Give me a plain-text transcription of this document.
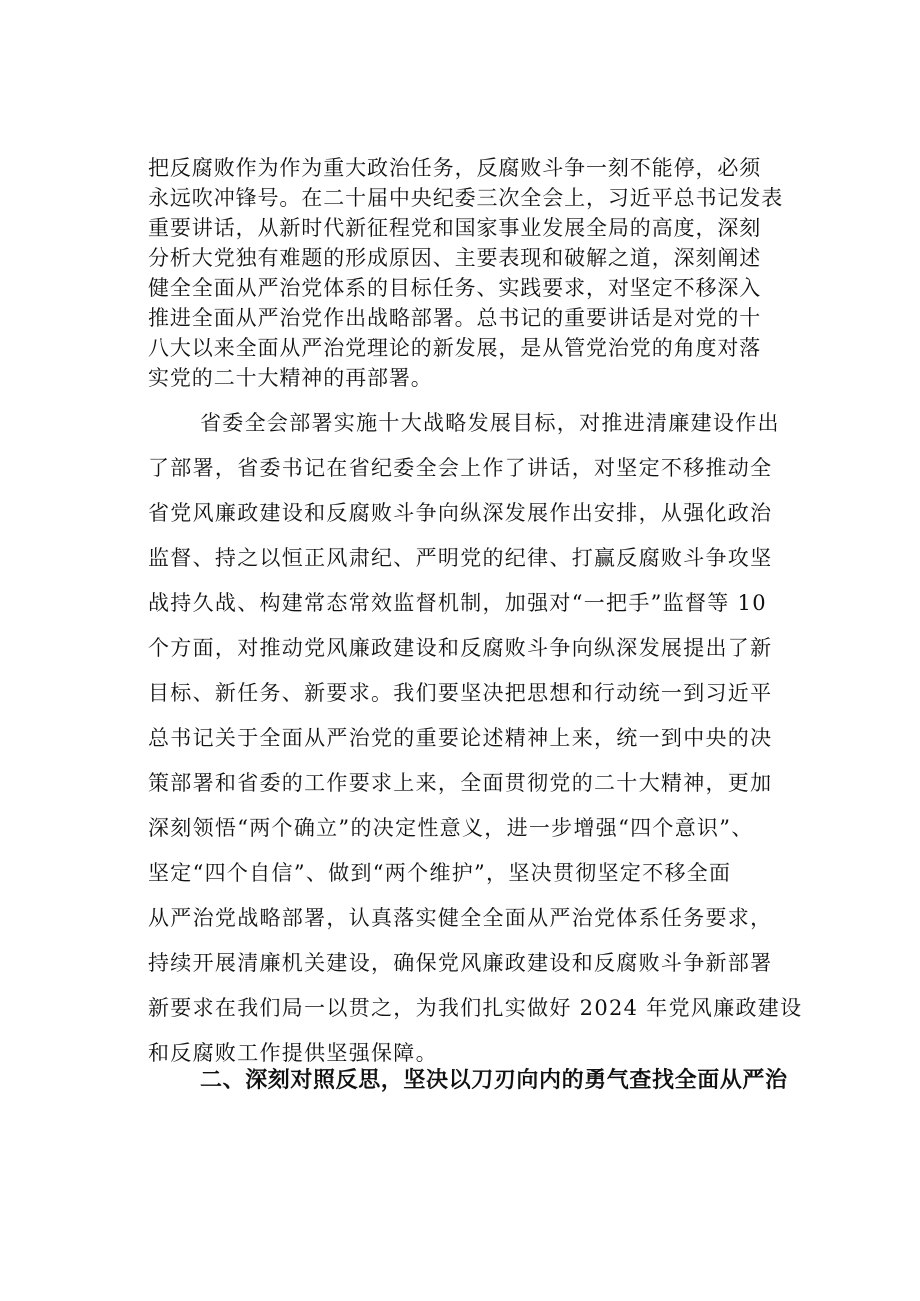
把反腐败作为作为重大政治任务，反腐败斗争一刻不能停，必须
永远吹冲锋号。在二十届中央纪委三次全会上，习近平总书记发表
重要讲话，从新时代新征程党和国家事业发展全局的高度，深刻
分析大党独有难题的形成原因、主要表现和破解之道，深刻阐述
健全全面从严治党体系的目标任务、实践要求，对坚定不移深入
推进全面从严治党作出战略部署。总书记的重要讲话是对党的十
八大以来全面从严治党理论的新发展，是从管党治党的角度对落
实党的二十大精神的再部署。
省委全会部署实施十大战略发展目标，对推进清廉建设作出
了部署，省委书记在省纪委全会上作了讲话，对坚定不移推动全
省党风廉政建设和反腐败斗争向纵深发展作出安排，从强化政治
监督、持之以恒正风肃纪、严明党的纪律、打赢反腐败斗争攻坚
战持久战、构建常态常效监督机制，加强对“一把手”监督等 10
个方面，对推动党风廉政建设和反腐败斗争向纵深发展提出了新
目标、新任务、新要求。我们要坚决把思想和行动统一到习近平
总书记关于全面从严治党的重要论述精神上来，统一到中央的决
策部署和省委的工作要求上来，全面贯彻党的二十大精神，更加
深刻领悟“两个确立”的决定性意义，进一步增强“四个意识”、
坚定“四个自信”、做到“两个维护”，坚决贯彻坚定不移全面
从严治党战略部署，认真落实健全全面从严治党体系任务要求，
持续开展清廉机关建设，确保党风廉政建设和反腐败斗争新部署
新要求在我们局一以贯之，为我们扎实做好 2024 年党风廉政建设
和反腐败工作提供坚强保障。
二、深刻对照反思，坚决以刀刃向内的勇气查找全面从严治
